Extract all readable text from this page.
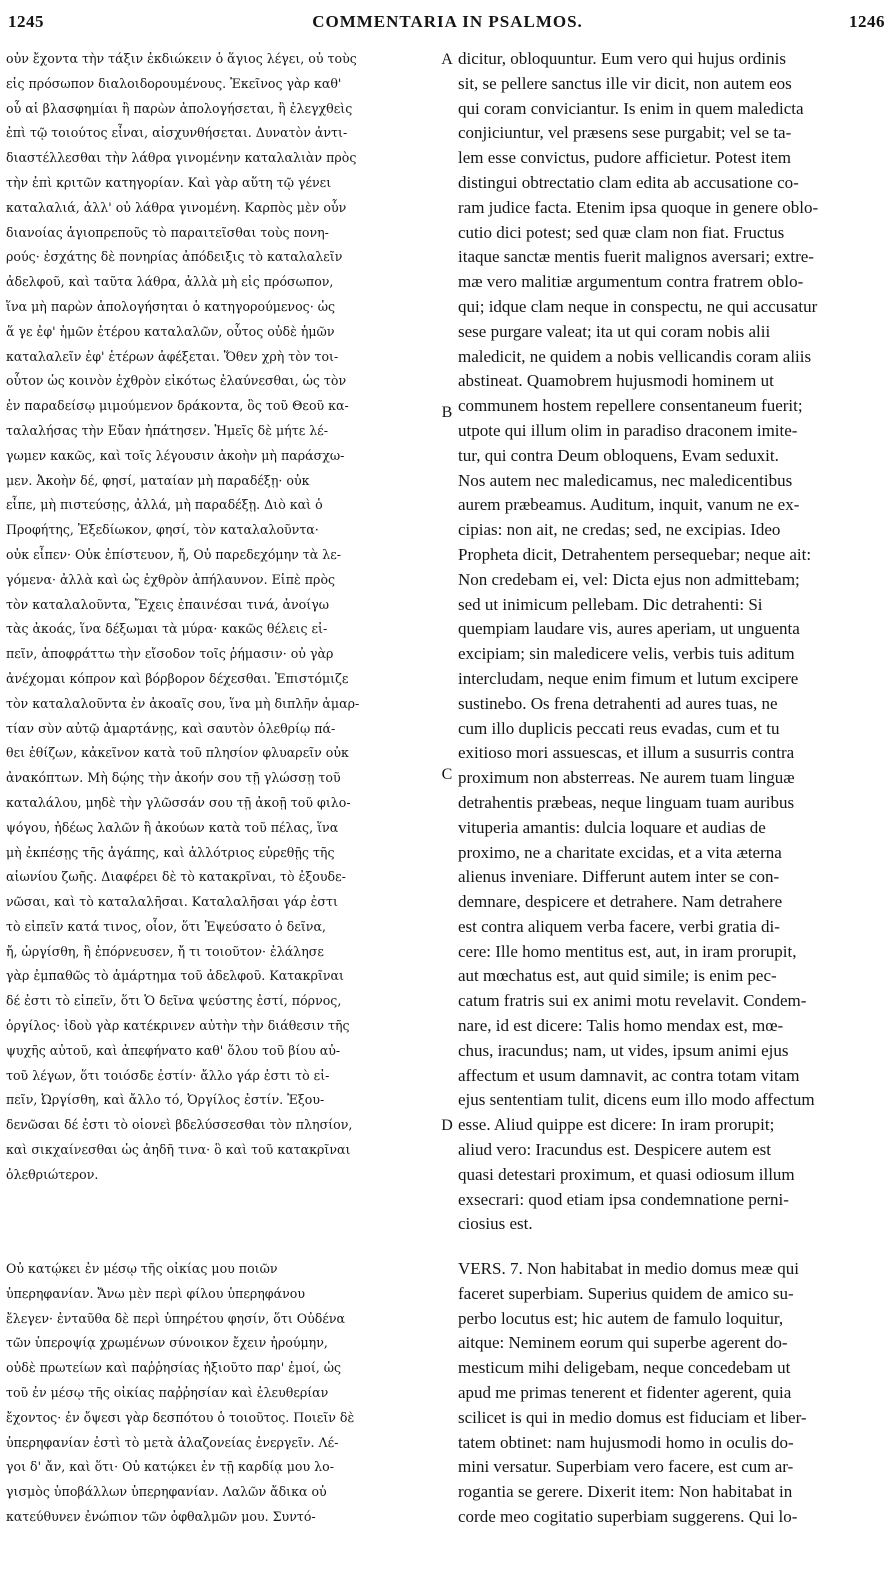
1245	COMMENTARIA IN PSALMOS.	1246
A
B
C
D
οὐν ἔχοντα τὴν τάξιν ἐκδιώκειν ὁ ἅγιος λέγει, οὐ τοὺς
εἰς πρόσωπον διαλοιδορουμένους. Ἐκεῖνος γὰρ καθ'
οὗ αἱ βλασφημίαι ἢ παρὼν ἀπολογήσεται, ἢ ἐλεγχθεὶς
ἐπὶ τῷ τοιούτος εἶναι, αἰσχυνθήσεται. Δυνατὸν ἀντι-
διαστέλλεσθαι τὴν λάθρα γινομένην καταλαλιὰν πρὸς
τὴν ἐπὶ κριτῶν κατηγορίαν. Καὶ γὰρ αὕτη τῷ γένει
καταλαλιά, ἀλλ' οὐ λάθρα γινομένη. Καρπὸς μὲν οὖν
διανοίας ἁγιοπρεποῦς τὸ παραιτεῖσθαι τοὺς πονη-
ρούς· ἐσχάτης δὲ πονηρίας ἀπόδειξις τὸ καταλαλεῖν
ἀδελφοῦ, καὶ ταῦτα λάθρα, ἀλλὰ μὴ εἰς πρόσωπον,
ἵνα μὴ παρὼν ἀπολογήσηται ὁ κατηγορούμενος· ὡς
ἅ γε ἐφ' ἡμῶν ἑτέρου καταλαλῶν, οὗτος οὐδὲ ἡμῶν
καταλαλεῖν ἐφ' ἑτέρων ἀφέξεται. Ὅθεν χρὴ τὸν τοι-
οὗτον ὡς κοινὸν ἐχθρὸν εἰκότως ἐλαύνεσθαι, ὡς τὸν
ἐν παραδείσῳ μιμούμενον δράκοντα, ὃς τοῦ Θεοῦ κα-
ταλαλήσας τὴν Εὔαν ἠπάτησεν. Ἡμεῖς δὲ μήτε λέ-
γωμεν κακῶς, καὶ τοῖς λέγουσιν ἀκοὴν μὴ παράσχω-
μεν. Ἀκοὴν δέ, φησί, ματαίαν μὴ παραδέξῃ· οὐκ
εἶπε, μὴ πιστεύσῃς, ἀλλά, μὴ παραδέξῃ. Διὸ καὶ ὁ
Προφήτης, Ἐξεδίωκον, φησί, τὸν καταλαλοῦντα·
οὐκ εἶπεν· Οὐκ ἐπίστευον, ἤ, Οὐ παρεδεχόμην τὰ λε-
γόμενα· ἀλλὰ καὶ ὡς ἐχθρὸν ἀπήλαυνον. Εἰπὲ πρὸς
τὸν καταλαλοῦντα, Ἔχεις ἐπαινέσαι τινά, ἀνοίγω
τὰς ἀκοάς, ἵνα δέξωμαι τὰ μύρα· κακῶς θέλεις εἰ-
πεῖν, ἀποφράττω τὴν εἴσοδον τοῖς ῥήμασιν· οὐ γὰρ
ἀνέχομαι κόπρον καὶ βόρβορον δέχεσθαι. Ἐπιστόμιζε
τὸν καταλαλοῦντα ἐν ἀκοαῖς σου, ἵνα μὴ διπλῆν ἁμαρ-
τίαν σὺν αὐτῷ ἁμαρτάνῃς, καὶ σαυτὸν ὀλεθρίῳ πά-
θει ἐθίζων, κἀκεῖνον κατὰ τοῦ πλησίον φλυαρεῖν οὐκ
ἀνακόπτων. Μὴ δῴης τὴν ἀκοήν σου τῇ γλώσσῃ τοῦ
καταλάλου, μηδὲ τὴν γλῶσσάν σου τῇ ἀκοῇ τοῦ φιλο-
ψόγου, ἡδέως λαλῶν ἢ ἀκούων κατὰ τοῦ πέλας, ἵνα
μὴ ἐκπέσῃς τῆς ἀγάπης, καὶ ἀλλότριος εὑρεθῇς τῆς
αἰωνίου ζωῆς. Διαφέρει δὲ τὸ κατακρῖναι, τὸ ἐξουδε-
νῶσαι, καὶ τὸ καταλαλῆσαι. Καταλαλῆσαι γάρ ἐστι
τὸ εἰπεῖν κατά τινος, οἷον, ὅτι Ἐψεύσατο ὁ δεῖνα,
ἤ, ὠργίσθη, ἢ ἐπόρνευσεν, ἤ τι τοιοῦτον· ἐλάλησε
γὰρ ἐμπαθῶς τὸ ἁμάρτημα τοῦ ἀδελφοῦ. Κατακρῖναι
δέ ἐστι τὸ εἰπεῖν, ὅτι Ὁ δεῖνα ψεύστης ἐστί, πόρνος,
ὀργίλος· ἰδοὺ γὰρ κατέκρινεν αὐτὴν τὴν διάθεσιν τῆς
ψυχῆς αὐτοῦ, καὶ ἀπεφήνατο καθ' ὅλου τοῦ βίου αὐ-
τοῦ λέγων, ὅτι τοιόσδε ἐστίν· ἄλλο γάρ ἐστι τὸ εἰ-
πεῖν, Ὠργίσθη, καὶ ἄλλο τό, Ὀργίλος ἐστίν. Ἐξου-
δενῶσαι δέ ἐστι τὸ οἱονεὶ βδελύσσεσθαι τὸν πλησίον,
καὶ σικχαίνεσθαι ὡς ἀηδῆ τινα· ὃ καὶ τοῦ κατακρῖναι
ὀλεθριώτερον.
Οὐ κατῴκει ἐν μέσῳ τῆς οἰκίας μου ποιῶν
ὑπερηφανίαν. Ἄνω μὲν περὶ φίλου ὑπερηφάνου
ἔλεγεν· ἐνταῦθα δὲ περὶ ὑπηρέτου φησίν, ὅτι Οὐδένα
τῶν ὑπεροψίᾳ χρωμένων σύνοικον ἔχειν ἠρούμην,
οὐδὲ πρωτείων καὶ παῤῥησίας ἠξιοῦτο παρ' ἐμοί, ὡς
τοῦ ἐν μέσῳ τῆς οἰκίας παῤῥησίαν καὶ ἐλευθερίαν
ἔχοντος· ἐν ὄψεσι γὰρ δεσπότου ὁ τοιοῦτος. Ποιεῖν δὲ
ὑπερηφανίαν ἐστὶ τὸ μετὰ ἀλαζονείας ἐνεργεῖν. Λέ-
γοι δ' ἄν, καὶ ὅτι· Οὐ κατῴκει ἐν τῇ καρδίᾳ μου λο-
γισμὸς ὑποβάλλων ὑπερηφανίαν. Λαλῶν ἄδικα οὐ
κατεύθυνεν ἐνώπιον τῶν ὀφθαλμῶν μου. Συντό-
dicitur, obloquuntur. Eum vero qui hujus ordinis
sit, se pellere sanctus ille vir dicit, non autem eos
qui coram conviciantur. Is enim in quem maledicta
conjiciuntur, vel præsens sese purgabit; vel se ta-
lem esse convictus, pudore afficietur. Potest item
distingui obtrectatio clam edita ab accusatione co-
ram judice facta. Etenim ipsa quoque in genere oblo-
cutio dici potest; sed quæ clam non fiat. Fructus
itaque sanctæ mentis fuerit malignos aversari; extre-
mæ vero malitiæ argumentum contra fratrem oblo-
qui; idque clam neque in conspectu, ne qui accusatur
sese purgare valeat; ita ut qui coram nobis alii
maledicit, ne quidem a nobis vellicandis coram aliis
abstineat. Quamobrem hujusmodi hominem ut
communem hostem repellere consentaneum fuerit;
utpote qui illum olim in paradiso draconem imite-
tur, qui contra Deum obloquens, Evam seduxit.
Nos autem nec maledicamus, nec maledicentibus
aurem præbeamus. Auditum, inquit, vanum ne ex-
cipias: non ait, ne credas; sed, ne excipias. Ideo
Propheta dicit, Detrahentem persequebar; neque ait:
Non credebam ei, vel: Dicta ejus non admittebam;
sed ut inimicum pellebam. Dic detrahenti: Si
quempiam laudare vis, aures aperiam, ut unguenta
excipiam; sin maledicere velis, verbis tuis aditum
intercludam, neque enim fimum et lutum excipere
sustinebo. Os frena detrahenti ad aures tuas, ne
cum illo duplicis peccati reus evadas, cum et tu
exitioso mori assuescas, et illum a susurris contra
proximum non absterreas. Ne aurem tuam linguæ
detrahentis præbeas, neque linguam tuam auribus
vituperia amantis: dulcia loquare et audias de
proximo, ne a charitate excidas, et a vita æterna
alienus inveniare. Differunt autem inter se con-
demnare, despicere et detrahere. Nam detrahere
est contra aliquem verba facere, verbi gratia di-
cere: Ille homo mentitus est, aut, in iram prorupit,
aut mœchatus est, aut quid simile; is enim pec-
catum fratris sui ex animi motu revelavit. Condem-
nare, id est dicere: Talis homo mendax est, mœ-
chus, iracundus; nam, ut vides, ipsum animi ejus
affectum et usum damnavit, ac contra totam vitam
ejus sententiam tulit, dicens eum illo modo affectum
esse. Aliud quippe est dicere: In iram prorupit;
aliud vero: Iracundus est. Despicere autem est
quasi detestari proximum, et quasi odiosum illum
exsecrari: quod etiam ipsa condemnatione perni-
ciosius est.
VERS. 7. Non habitabat in medio domus meæ qui
faceret superbiam. Superius quidem de amico su-
perbo locutus est; hic autem de famulo loquitur,
aitque: Neminem eorum qui superbe agerent do-
mesticum mihi deligebam, neque concedebam ut
apud me primas tenerent et fidenter agerent, quia
scilicet is qui in medio domus est fiduciam et liber-
tatem obtinet: nam hujusmodi homo in oculis do-
mini versatur. Superbiam vero facere, est cum ar-
rogantia se gerere. Dixerit item: Non habitabat in
corde meo cogitatio superbiam suggerens. Qui lo-
